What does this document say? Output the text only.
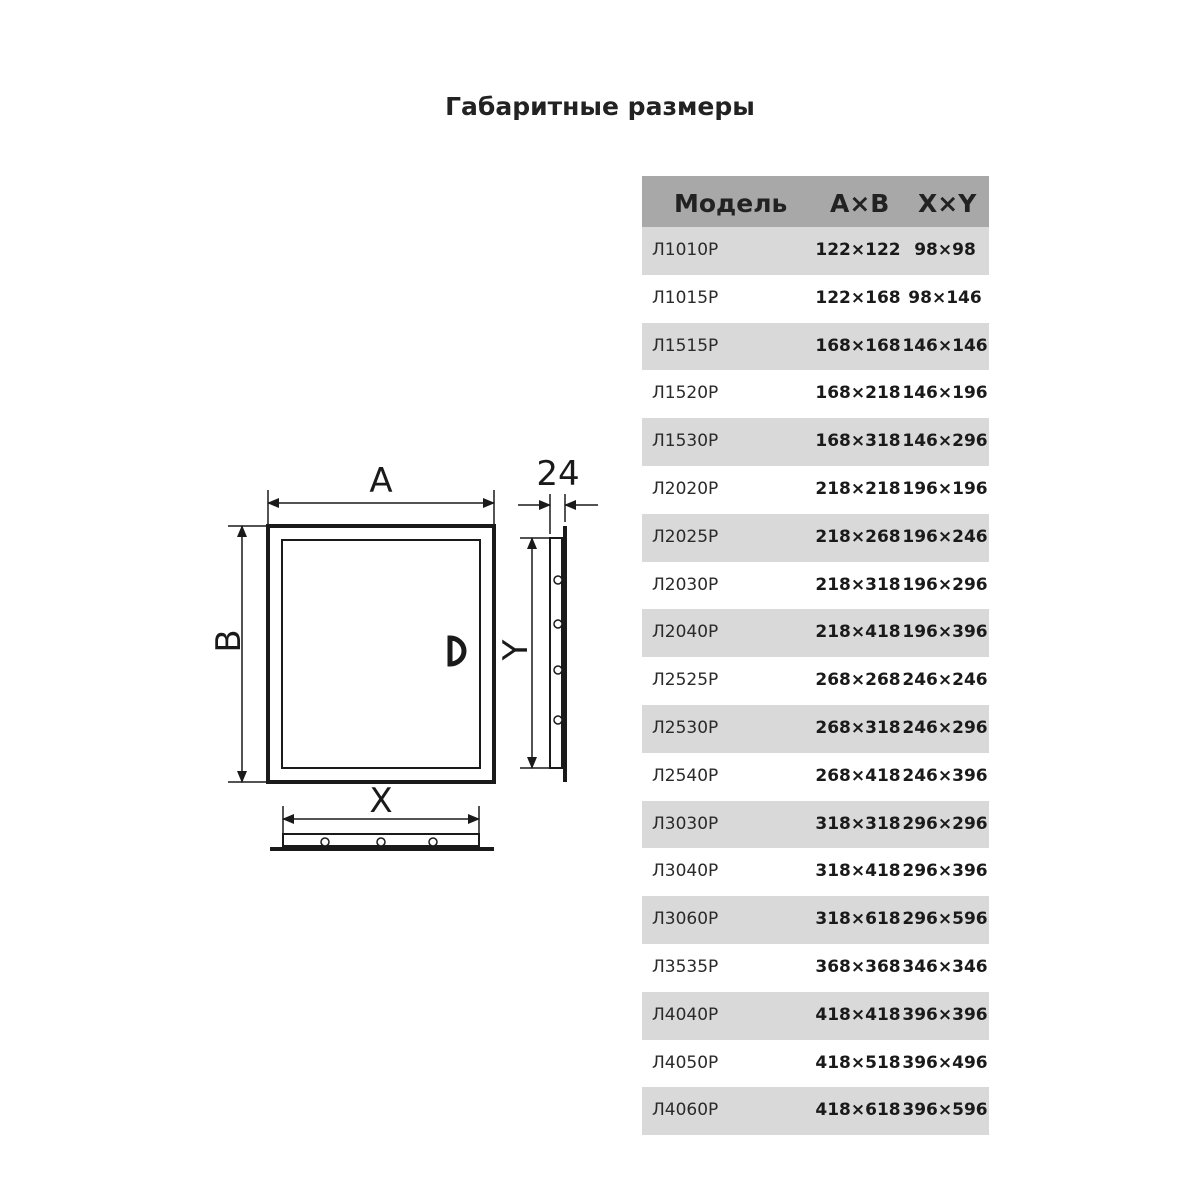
Габаритные размеры
A
B
X
Y
24
Модель A×B X×Y
Л1010Р	122×122 98×98
Л1015Р	122×168 98×146
Л1515Р	168×168 146×146
Л1520Р	168×218 146×196
Л1530Р	168×318 146×296
Л2020Р	218×218 196×196
Л2025Р	218×268 196×246
Л2030Р	218×318 196×296
Л2040Р	218×418 196×396
Л2525Р	268×268 246×246
Л2530Р	268×318 246×296
Л2540Р	268×418 246×396
Л3030Р	318×318 296×296
Л3040Р	318×418 296×396
Л3060Р	318×618 296×596
Л3535Р	368×368 346×346
Л4040Р	418×418 396×396
Л4050Р	418×518 396×496
Л4060Р	418×618 396×596
